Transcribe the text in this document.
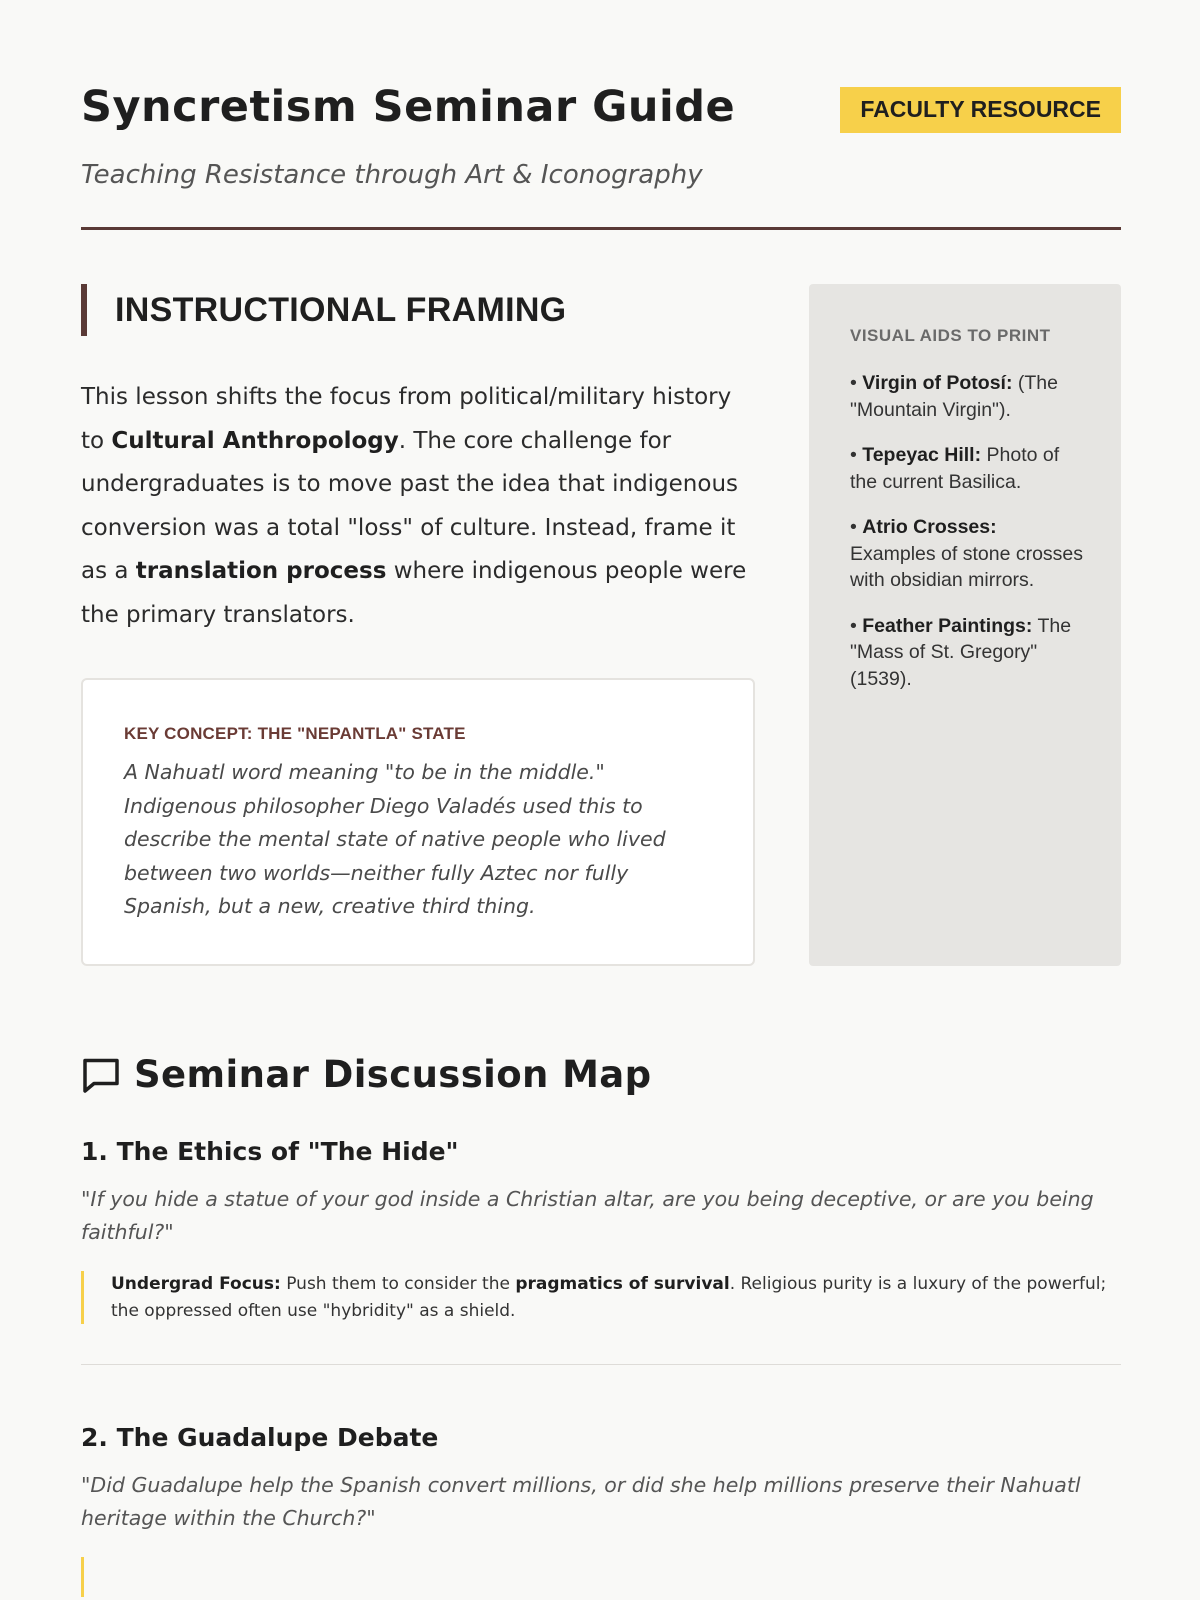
Syncretism Seminar Guide
Teaching Resistance through Art & Iconography
FACULTY RESOURCE
INSTRUCTIONAL FRAMING

This lesson shifts the focus from political/military history to Cultural Anthropology. The core challenge for undergraduates is to move past the idea that indigenous conversion was a total "loss" of culture. Instead, frame it as a translation process where indigenous people were the primary translators.

KEY CONCEPT: THE "NEPANTLA" STATE

A Nahuatl word meaning "to be in the middle." Indigenous philosopher Diego Valadés used this to describe the mental state of native people who lived between two worlds—neither fully Aztec nor fully Spanish, but a new, creative third thing.

VISUAL AIDS TO PRINT
• Virgin of Potosí: (The "Mountain Virgin").
• Tepeyac Hill: Photo of the current Basilica.
• Atrio Crosses: Examples of stone crosses with obsidian mirrors.
• Feather Paintings: The "Mass of St. Gregory" (1539).
Seminar Discussion Map
1. The Ethics of "The Hide"

"If you hide a statue of your god inside a Christian altar, are you being deceptive, or are you being faithful?"

Undergrad Focus: Push them to consider the pragmatics of survival. Religious purity is a luxury of the powerful; the oppressed often use "hybridity" as a shield.
2. The Guadalupe Debate

"Did Guadalupe help the Spanish convert millions, or did she help millions preserve their Nahuatl heritage within the Church?"
